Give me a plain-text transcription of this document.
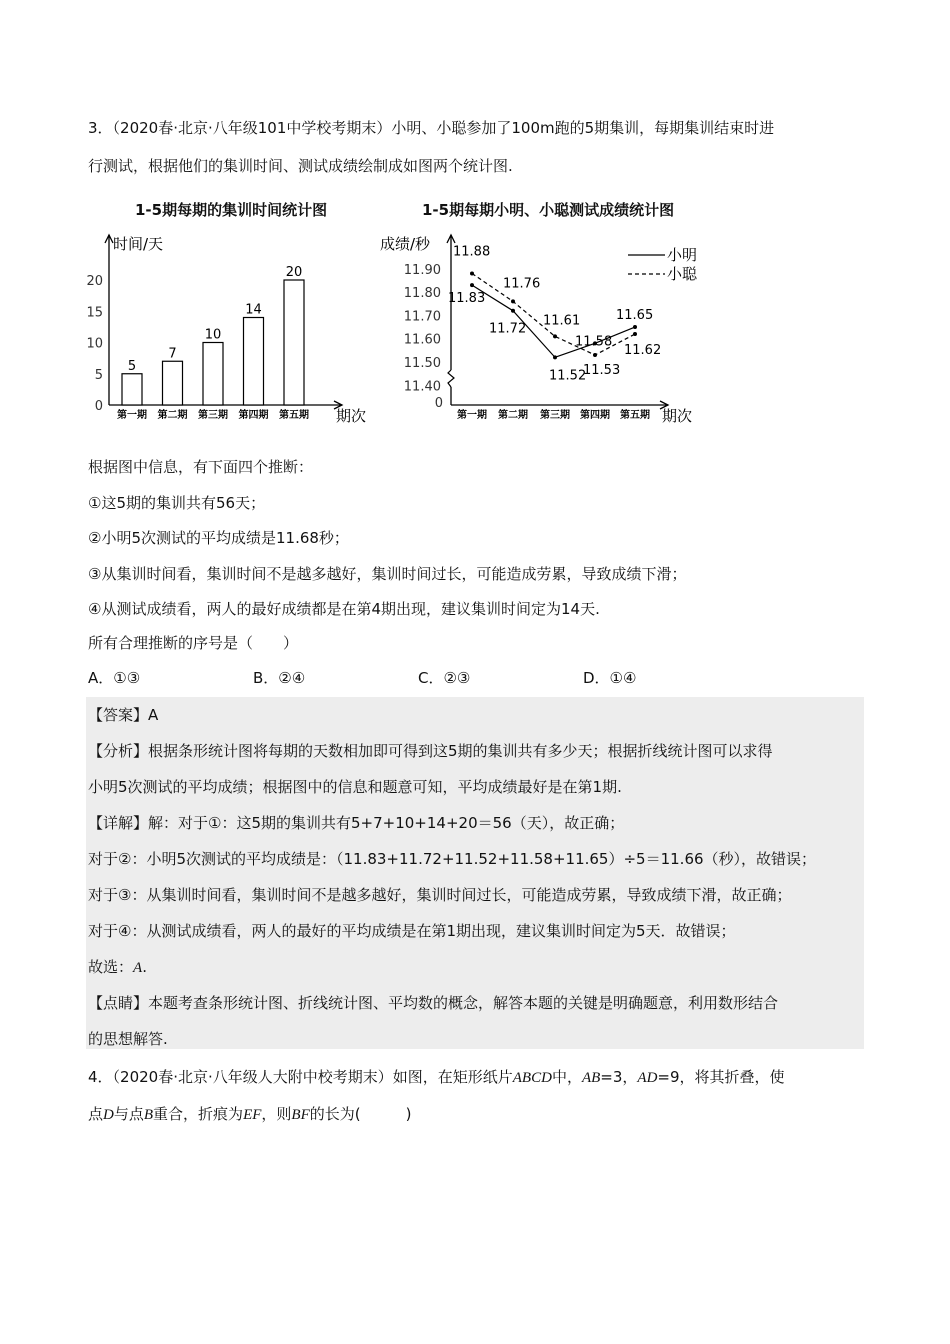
3．（2020春·北京·八年级101中学校考期末）小明、小聪参加了100m跑的5期集训，每期集训结束时进
行测试，根据他们的集训时间、测试成绩绘制成如图两个统计图.
1-5期每期的集训时间统计图
时间/天
期次
0
5
10
15
20
5
第一期
7
第二期
10
第三期
14
第四期
20
第五期
1-5期每期小明、小聪测试成绩统计图
成绩/秒
期次
0
11.90
11.80
11.70
11.60
11.50
11.40
第一期 第二期 第三期 第四期 第五期
11.83
11.72
11.52
11.58
11.65
11.88
11.76
11.61
11.53
11.62
小明
小聪
根据图中信息，有下面四个推断：
①这5期的集训共有56天；
②小明5次测试的平均成绩是11.68秒；
③从集训时间看，集训时间不是越多越好，集训时间过长，可能造成劳累，导致成绩下滑；
④从测试成绩看，两人的最好成绩都是在第4期出现，建议集训时间定为14天.
所有合理推断的序号是（　　）
A．①③	B．②④	C．②③	D．①④
【答案】A
【分析】根据条形统计图将每期的天数相加即可得到这5期的集训共有多少天；根据折线统计图可以求得
小明5次测试的平均成绩；根据图中的信息和题意可知，平均成绩最好是在第1期.
【详解】解：对于①：这5期的集训共有5+7+10+14+20＝56（天），故正确；
对于②：小明5次测试的平均成绩是：（11.83+11.72+11.52+11.58+11.65）÷5＝11.66（秒），故错误；
对于③：从集训时间看，集训时间不是越多越好，集训时间过长，可能造成劳累，导致成绩下滑，故正确；
对于④：从测试成绩看，两人的最好的平均成绩是在第1期出现，建议集训时间定为5天．故错误；
故选：A.
【点睛】本题考查条形统计图、折线统计图、平均数的概念，解答本题的关键是明确题意，利用数形结合
的思想解答.
4．（2020春·北京·八年级人大附中校考期末）如图，在矩形纸片ABCD中，AB=3，AD=9，将其折叠，使
点D与点B重合，折痕为EF，则BF的长为(　　　)
